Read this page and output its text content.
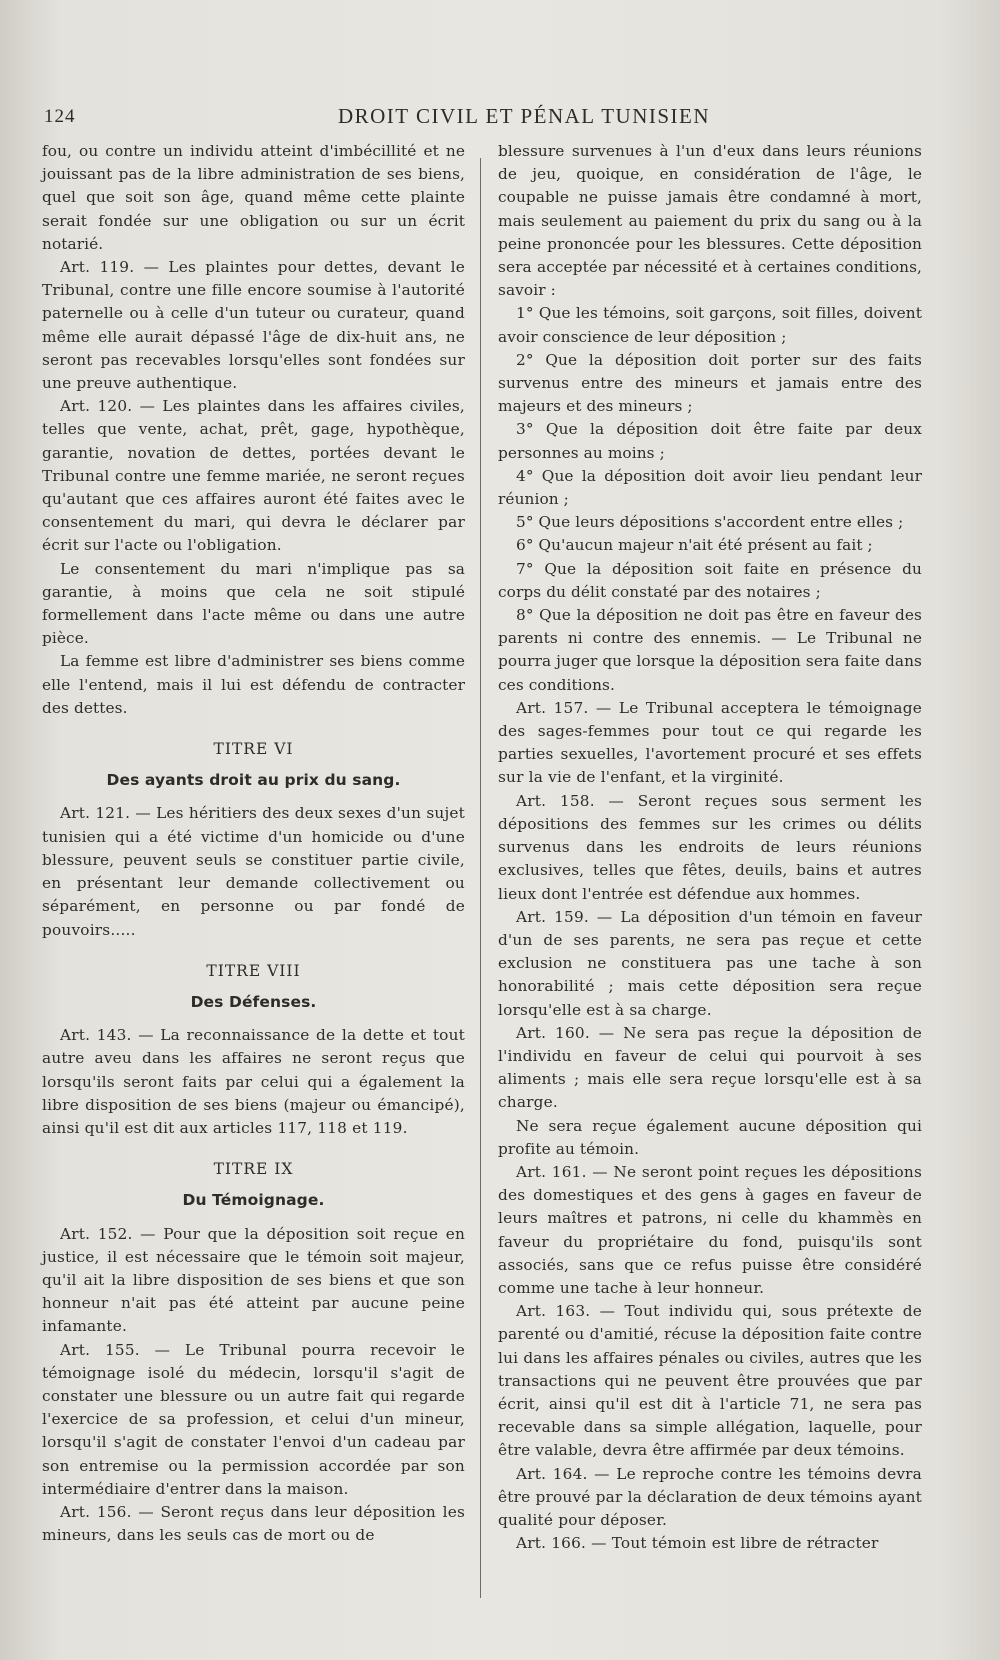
124	DROIT CIVIL ET PÉNAL TUNISIEN

fou, ou contre un individu atteint d'imbécillité et ne jouissant pas de la libre administration de ses biens, quel que soit son âge, quand même cette plainte serait fondée sur une obligation ou sur un écrit notarié.

Art. 119. — Les plaintes pour dettes, devant le Tribunal, contre une fille encore soumise à l'autorité paternelle ou à celle d'un tuteur ou curateur, quand même elle aurait dépassé l'âge de dix-huit ans, ne seront pas recevables lorsqu'elles sont fondées sur une preuve authentique.

Art. 120. — Les plaintes dans les affaires civiles, telles que vente, achat, prêt, gage, hypothèque, garantie, novation de dettes, portées devant le Tribunal contre une femme mariée, ne seront reçues qu'autant que ces affaires auront été faites avec le consentement du mari, qui devra le déclarer par écrit sur l'acte ou l'obligation.

Le consentement du mari n'implique pas sa garantie, à moins que cela ne soit stipulé formellement dans l'acte même ou dans une autre pièce.

La femme est libre d'administrer ses biens comme elle l'entend, mais il lui est défendu de contracter des dettes.

TITRE VI
Des ayants droit au prix du sang.

Art. 121. — Les héritiers des deux sexes d'un sujet tunisien qui a été victime d'un homicide ou d'une blessure, peuvent seuls se constituer partie civile, en présentant leur demande collectivement ou séparément, en personne ou par fondé de pouvoirs.....

TITRE VIII
Des Défenses.

Art. 143. — La reconnaissance de la dette et tout autre aveu dans les affaires ne seront reçus que lorsqu'ils seront faits par celui qui a également la libre disposition de ses biens (majeur ou émancipé), ainsi qu'il est dit aux articles 117, 118 et 119.

TITRE IX
Du Témoignage.

Art. 152. — Pour que la déposition soit reçue en justice, il est nécessaire que le témoin soit majeur, qu'il ait la libre disposition de ses biens et que son honneur n'ait pas été atteint par aucune peine infamante.

Art. 155. — Le Tribunal pourra recevoir le témoignage isolé du médecin, lorsqu'il s'agit de constater une blessure ou un autre fait qui regarde l'exercice de sa profession, et celui d'un mineur, lorsqu'il s'agit de constater l'envoi d'un cadeau par son entremise ou la permission accordée par son intermédiaire d'entrer dans la maison.

Art. 156. — Seront reçus dans leur déposition les mineurs, dans les seuls cas de mort ou de

blessure survenues à l'un d'eux dans leurs réunions de jeu, quoique, en considération de l'âge, le coupable ne puisse jamais être condamné à mort, mais seulement au paiement du prix du sang ou à la peine prononcée pour les blessures. Cette déposition sera acceptée par nécessité et à certaines conditions, savoir :

1° Que les témoins, soit garçons, soit filles, doivent avoir conscience de leur déposition ;

2° Que la déposition doit porter sur des faits survenus entre des mineurs et jamais entre des majeurs et des mineurs ;

3° Que la déposition doit être faite par deux personnes au moins ;

4° Que la déposition doit avoir lieu pendant leur réunion ;

5° Que leurs dépositions s'accordent entre elles ;

6° Qu'aucun majeur n'ait été présent au fait ;

7° Que la déposition soit faite en présence du corps du délit constaté par des notaires ;

8° Que la déposition ne doit pas être en faveur des parents ni contre des ennemis. — Le Tribunal ne pourra juger que lorsque la déposition sera faite dans ces conditions.

Art. 157. — Le Tribunal acceptera le témoignage des sages-femmes pour tout ce qui regarde les parties sexuelles, l'avortement procuré et ses effets sur la vie de l'enfant, et la virginité.

Art. 158. — Seront reçues sous serment les dépositions des femmes sur les crimes ou délits survenus dans les endroits de leurs réunions exclusives, telles que fêtes, deuils, bains et autres lieux dont l'entrée est défendue aux hommes.

Art. 159. — La déposition d'un témoin en faveur d'un de ses parents, ne sera pas reçue et cette exclusion ne constituera pas une tache à son honorabilité ; mais cette déposition sera reçue lorsqu'elle est à sa charge.

Art. 160. — Ne sera pas reçue la déposition de l'individu en faveur de celui qui pourvoit à ses aliments ; mais elle sera reçue lorsqu'elle est à sa charge.

Ne sera reçue également aucune déposition qui profite au témoin.

Art. 161. — Ne seront point reçues les dépositions des domestiques et des gens à gages en faveur de leurs maîtres et patrons, ni celle du khammès en faveur du propriétaire du fond, puisqu'ils sont associés, sans que ce refus puisse être considéré comme une tache à leur honneur.

Art. 163. — Tout individu qui, sous prétexte de parenté ou d'amitié, récuse la déposition faite contre lui dans les affaires pénales ou civiles, autres que les transactions qui ne peuvent être prouvées que par écrit, ainsi qu'il est dit à l'article 71, ne sera pas recevable dans sa simple allégation, laquelle, pour être valable, devra être affirmée par deux témoins.

Art. 164. — Le reproche contre les témoins devra être prouvé par la déclaration de deux témoins ayant qualité pour déposer.

Art. 166. — Tout témoin est libre de rétracter
